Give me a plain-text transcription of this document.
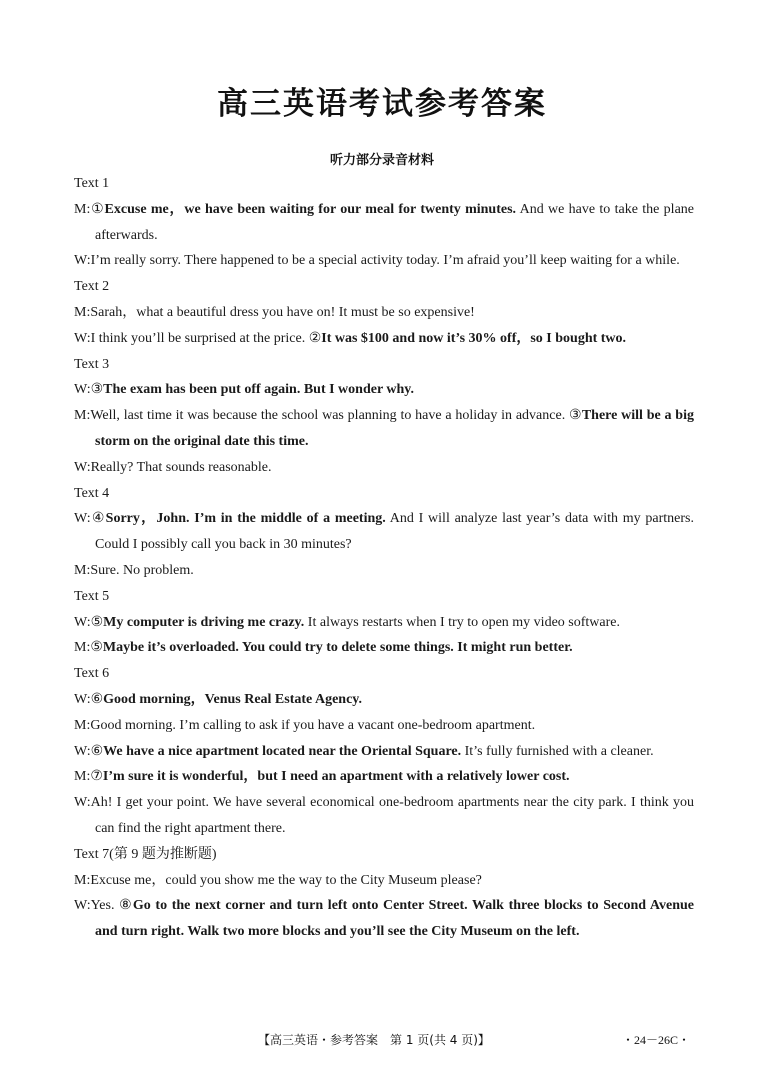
高三英语考试参考答案
听力部分录音材料
Text 1
M:①Excuse me，we have been waiting for our meal for twenty minutes. And we have to take the plane afterwards.
W:I’m really sorry. There happened to be a special activity today. I’m afraid you’ll keep waiting for a while.
Text 2
M:Sarah，what a beautiful dress you have on! It must be so expensive!
W:I think you’ll be surprised at the price. ②It was $100 and now it’s 30% off，so I bought two.
Text 3
W:③The exam has been put off again. But I wonder why.
M:Well, last time it was because the school was planning to have a holiday in advance. ③There will be a big storm on the original date this time.
W:Really? That sounds reasonable.
Text 4
W:④Sorry，John. I’m in the middle of a meeting. And I will analyze last year’s data with my partners. Could I possibly call you back in 30 minutes?
M:Sure. No problem.
Text 5
W:⑤My computer is driving me crazy. It always restarts when I try to open my video software.
M:⑤Maybe it’s overloaded. You could try to delete some things. It might run better.
Text 6
W:⑥Good morning，Venus Real Estate Agency.
M:Good morning. I’m calling to ask if you have a vacant one-bedroom apartment.
W:⑥We have a nice apartment located near the Oriental Square. It’s fully furnished with a cleaner.
M:⑦I’m sure it is wonderful，but I need an apartment with a relatively lower cost.
W:Ah! I get your point. We have several economical one-bedroom apartments near the city park. I think you can find the right apartment there.
Text 7(第 9 题为推断题)
M:Excuse me，could you show me the way to the City Museum please?
W:Yes. ⑧Go to the next corner and turn left onto Center Street. Walk three blocks to Second Avenue and turn right. Walk two more blocks and you’ll see the City Museum on the left.
【高三英语・参考答案　第 1 页(共 4 页)】	・24－26C・
